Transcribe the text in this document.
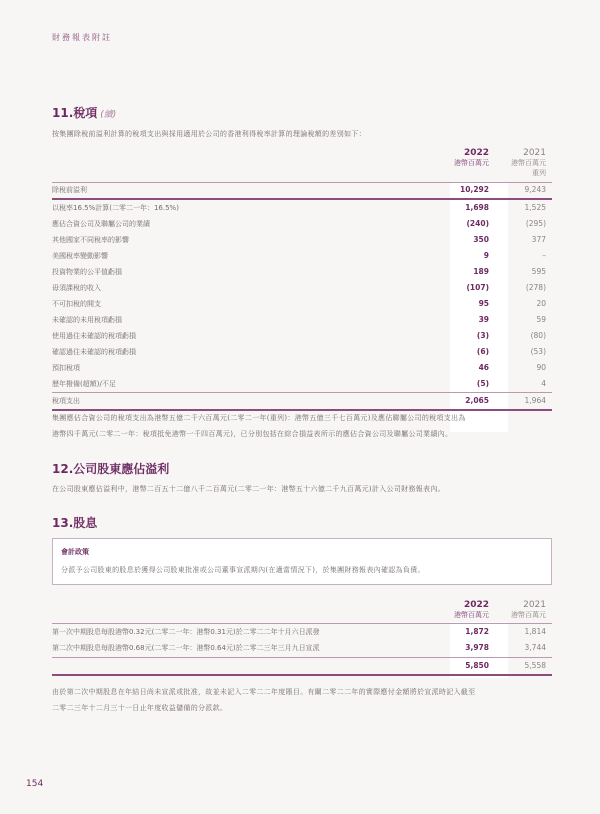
財務報表附註
11.稅項 (續)
按集團除稅前溢利計算的稅項支出與採用適用於公司的香港利得稅率計算的理論稅額的差別如下：
2022
港幣百萬元
2021
港幣百萬元
重列
除稅前溢利	10,292	9,243
以稅率16.5%計算(二零二一年：16.5%)	1,698	1,525
應佔合資公司及聯屬公司的業績	(240)	(295)
其他國家不同稅率的影響	350	377
美國稅率變動影響	9	–
投資物業的公平值虧損	189	595
毋須課稅的收入	(107)	(278)
不可扣稅的開支	95	20
未確認的未用稅項虧損	39	59
使用過往未確認的稅項虧損	(3)	(80)
確認過往未確認的稅項虧損	(6)	(53)
預扣稅項	46	90
歷年撥備(超額)/不足	(5)	4
稅項支出	2,065	1,964
集團應佔合資公司的稅項支出為港幣五億二千六百萬元(二零二一年(重列)：港幣五億三千七百萬元)及應佔聯屬公司的稅項支出為
港幣四千萬元(二零二一年：稅項抵免港幣一千四百萬元)，已分別包括在綜合損益表所示的應佔合資公司及聯屬公司業績內。
12.公司股東應佔溢利
在公司股東應佔溢利中，港幣二百五十二億八千二百萬元(二零二一年：港幣五十六億二千九百萬元)計入公司財務報表內。
13.股息
會計政策
分派予公司股東的股息於獲得公司股東批准或公司董事宣派期內(在適當情況下)，於集團財務報表內確認為負債。
2022
港幣百萬元
2021
港幣百萬元
第一次中期股息每股港幣0.32元(二零二一年：港幣0.31元)於二零二二年十月六日派發	1,872	1,814
第二次中期股息每股港幣0.68元(二零二一年：港幣0.64元)於二零二三年三月九日宣派	3,978	3,744
5,850	5,558
由於第二次中期股息在年結日尚未宣派或批准，故並未記入二零二二年度賬目。有關二零二二年的實際應付金額將於宣派時記入截至
二零二三年十二月三十一日止年度收益儲備的分派款。
154
